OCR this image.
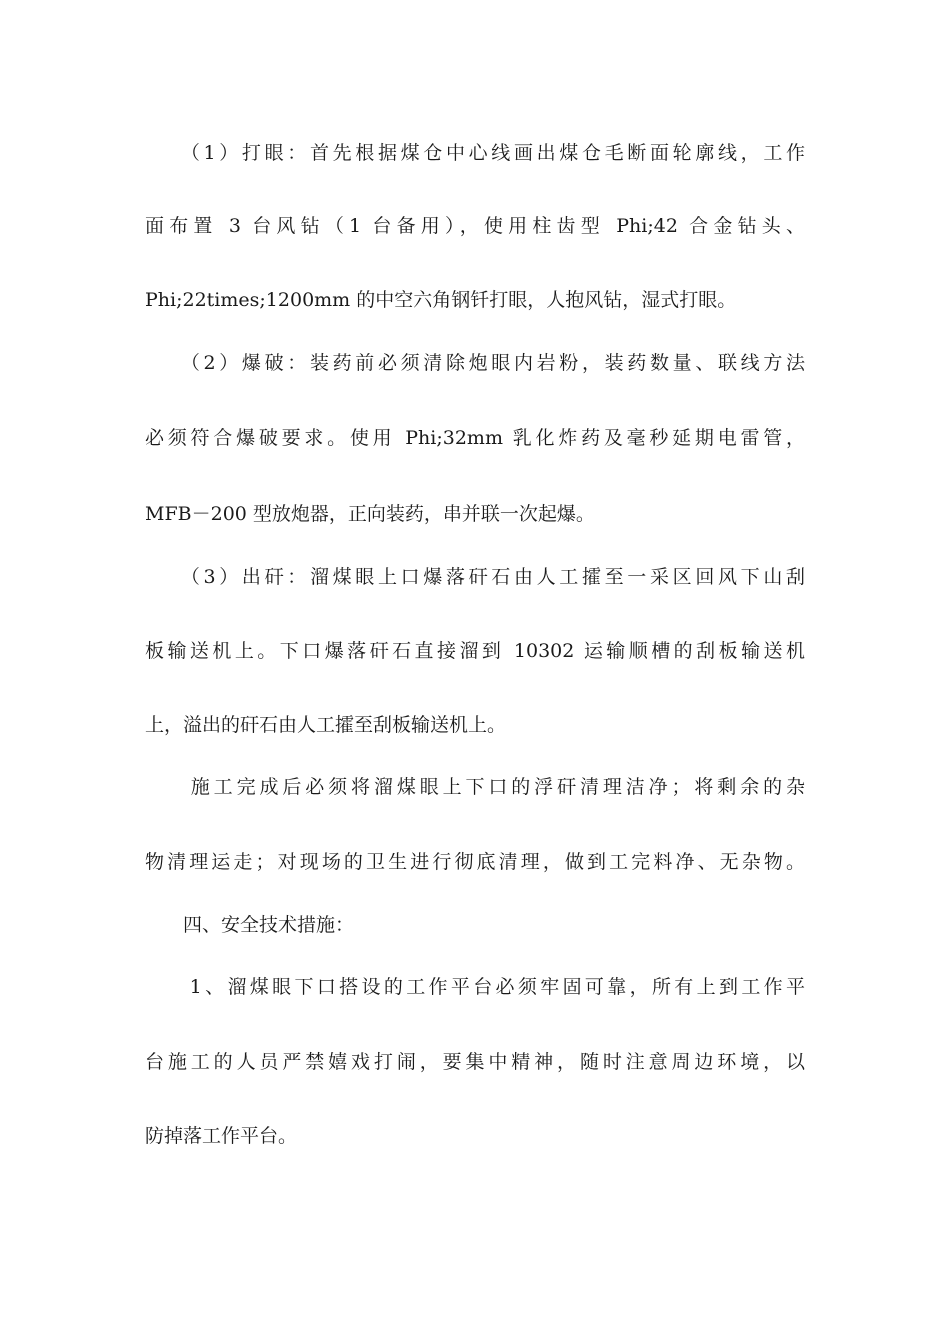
　　（1）打眼：首先根据煤仓中心线画出煤仓毛断面轮廓线，工作
面布置 3 台风钻（1 台备用），使用柱齿型 Phi;42 合金钻头、
Phi;22times;1200mm 的中空六角钢钎打眼，人抱风钻，湿式打眼。
　　（2）爆破：装药前必须清除炮眼内岩粉，装药数量、联线方法
必须符合爆破要求。使用 Phi;32mm 乳化炸药及毫秒延期电雷管，
MFB－200 型放炮器，正向装药，串并联一次起爆。
　　（3）出矸：溜煤眼上口爆落矸石由人工攉至一采区回风下山刮
板输送机上。下口爆落矸石直接溜到 10302 运输顺槽的刮板输送机
上，溢出的矸石由人工攉至刮板输送机上。
　　施工完成后必须将溜煤眼上下口的浮矸清理洁净；将剩余的杂
物清理运走；对现场的卫生进行彻底清理，做到工完料净、无杂物。
　　四、安全技术措施：
　　1、溜煤眼下口搭设的工作平台必须牢固可靠，所有上到工作平
台施工的人员严禁嬉戏打闹，要集中精神，随时注意周边环境，以
防掉落工作平台。
